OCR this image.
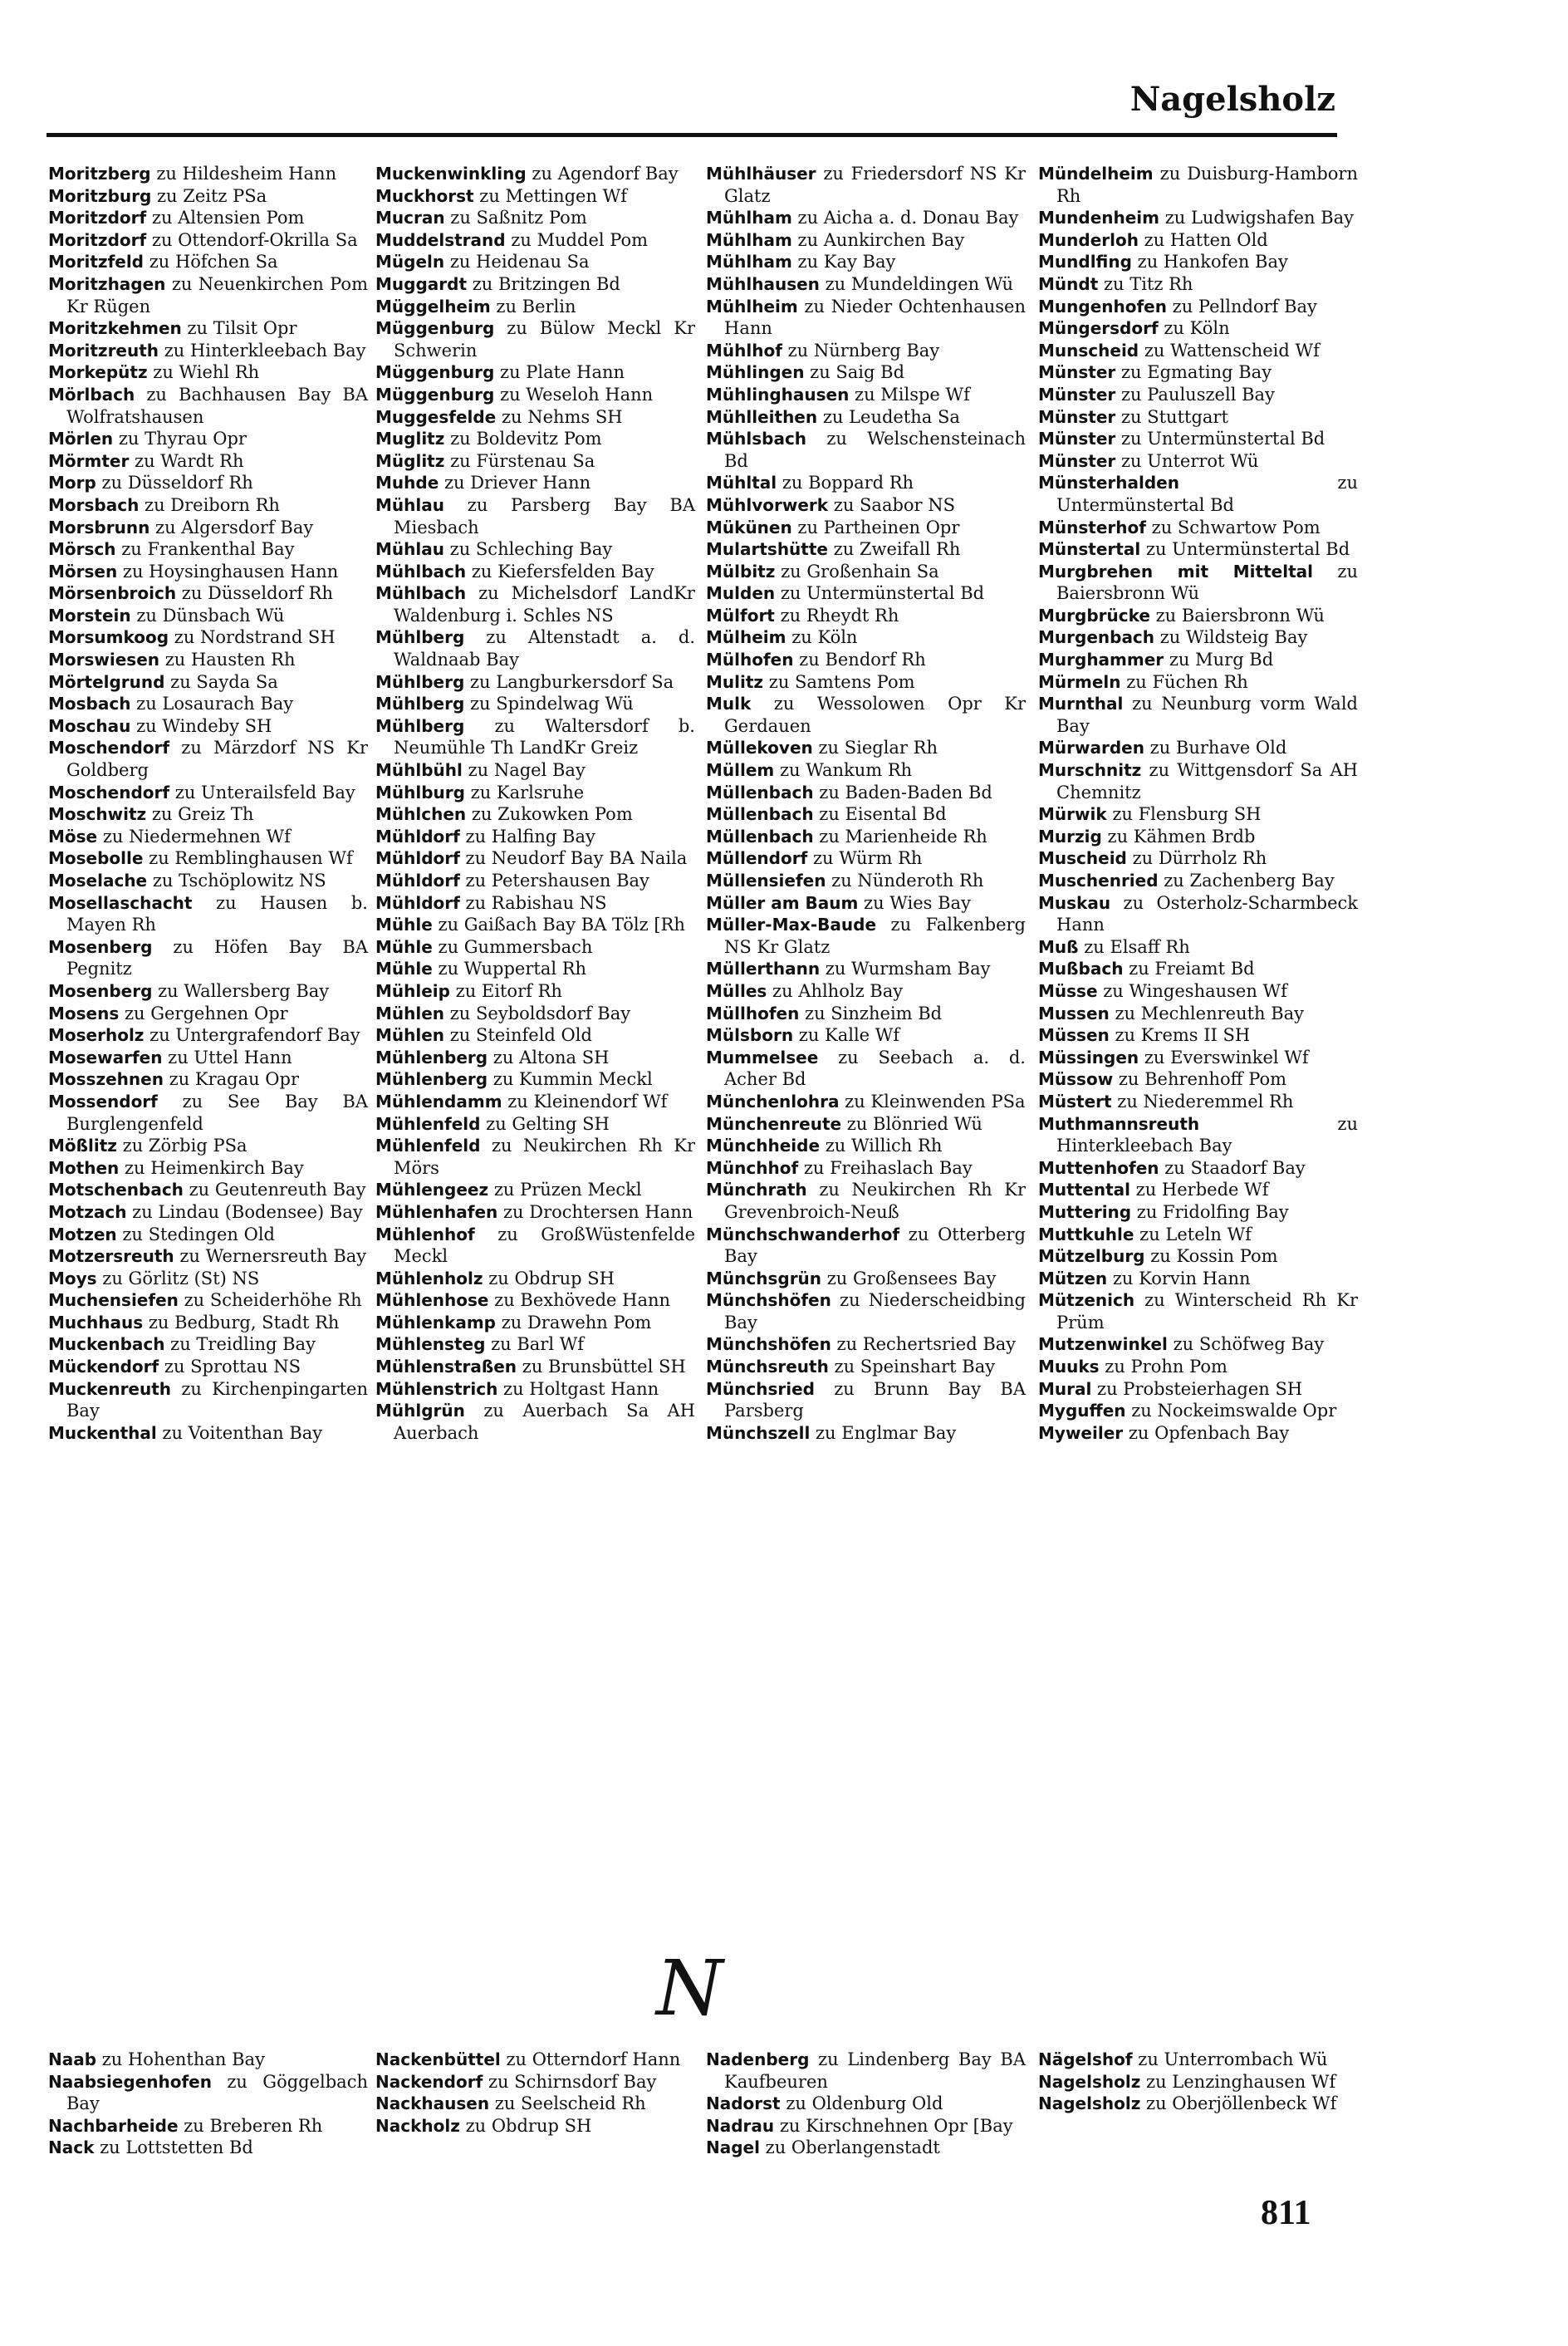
Nagelsholz
Moritzberg zu Hildesheim Hann
Moritzburg zu Zeitz PSa
Moritzdorf zu Altensien Pom
Moritzdorf zu Ottendorf-Okrilla Sa
Moritzfeld zu Höfchen Sa
Moritzhagen zu Neuenkirchen Pom Kr Rügen
Moritzkehmen zu Tilsit Opr
Moritzreuth zu Hinterkleebach Bay
Morkepütz zu Wiehl Rh
Mörlbach zu Bachhausen Bay BA Wolfratshausen
Mörlen zu Thyrau Opr
Mörmter zu Wardt Rh
Morp zu Düsseldorf Rh
Morsbach zu Dreiborn Rh
Morsbrunn zu Algersdorf Bay
Mörsch zu Frankenthal Bay
Mörsen zu Hoysinghausen Hann
Mörsenbroich zu Düsseldorf Rh
Morstein zu Dünsbach Wü
Morsumkoog zu Nordstrand SH
Morswiesen zu Hausten Rh
Mörtelgrund zu Sayda Sa
Mosbach zu Losaurach Bay
Moschau zu Windeby SH
Moschendorf zu Märzdorf NS Kr Goldberg
Moschendorf zu Unterailsfeld Bay
Moschwitz zu Greiz Th
Möse zu Niedermehnen Wf
Mosebolle zu Remblinghausen Wf
Moselache zu Tschöplowitz NS
Mosellaschacht zu Hausen b. Mayen Rh
Mosenberg zu Höfen Bay BA Pegnitz
Mosenberg zu Wallersberg Bay
Mosens zu Gergehnen Opr
Moserholz zu Untergrafendorf Bay
Mosewarfen zu Uttel Hann
Mosszehnen zu Kragau Opr
Mossendorf zu See Bay BA Burglengenfeld
Mößlitz zu Zörbig PSa
Mothen zu Heimenkirch Bay
Motschenbach zu Geutenreuth Bay
Motzach zu Lindau (Bodensee) Bay
Motzen zu Stedingen Old
Motzersreuth zu Wernersreuth Bay
Moys zu Görlitz (St) NS
Muchensiefen zu Scheiderhöhe Rh
Muchhaus zu Bedburg, Stadt Rh
Muckenbach zu Treidling Bay
Mückendorf zu Sprottau NS
Muckenreuth zu Kirchenpingarten Bay
Muckenthal zu Voitenthan Bay
Muckenwinkling zu Agendorf Bay
Muckhorst zu Mettingen Wf
Mucran zu Saßnitz Pom
Muddelstrand zu Muddel Pom
Mügeln zu Heidenau Sa
Muggardt zu Britzingen Bd
Müggelheim zu Berlin
Müggenburg zu Bülow Meckl Kr Schwerin
Müggenburg zu Plate Hann
Müggenburg zu Weseloh Hann
Muggesfelde zu Nehms SH
Muglitz zu Boldevitz Pom
Müglitz zu Fürstenau Sa
Muhde zu Driever Hann
Mühlau zu Parsberg Bay BA Miesbach
Mühlau zu Schleching Bay
Mühlbach zu Kiefersfelden Bay
Mühlbach zu Michelsdorf LandKr Waldenburg i. Schles NS
Mühlberg zu Altenstadt a. d. Waldnaab Bay
Mühlberg zu Langburkersdorf Sa
Mühlberg zu Spindelwag Wü
Mühlberg zu Waltersdorf b. Neumühle Th LandKr Greiz
Mühlbühl zu Nagel Bay
Mühlburg zu Karlsruhe
Mühlchen zu Zukowken Pom
Mühldorf zu Halfing Bay
Mühldorf zu Neudorf Bay BA Naila
Mühldorf zu Petershausen Bay
Mühldorf zu Rabishau NS
Mühle zu Gaißach Bay BA Tölz [Rh
Mühle zu Gummersbach
Mühle zu Wuppertal Rh
Mühleip zu Eitorf Rh
Mühlen zu Seyboldsdorf Bay
Mühlen zu Steinfeld Old
Mühlenberg zu Altona SH
Mühlenberg zu Kummin Meckl
Mühlendamm zu Kleinendorf Wf
Mühlenfeld zu Gelting SH
Mühlenfeld zu Neukirchen Rh Kr Mörs
Mühlengeez zu Prüzen Meckl
Mühlenhafen zu Drochtersen Hann
Mühlenhof zu GroßWüstenfelde Meckl
Mühlenholz zu Obdrup SH
Mühlenhose zu Bexhövede Hann
Mühlenkamp zu Drawehn Pom
Mühlensteg zu Barl Wf
Mühlenstraßen zu Brunsbüttel SH
Mühlenstrich zu Holtgast Hann
Mühlgrün zu Auerbach Sa AH Auerbach
Mühlhäuser zu Friedersdorf NS Kr Glatz
Mühlham zu Aicha a. d. Donau Bay
Mühlham zu Aunkirchen Bay
Mühlham zu Kay Bay
Mühlhausen zu Mundeldingen Wü
Mühlheim zu Nieder Ochtenhausen Hann
Mühlhof zu Nürnberg Bay
Mühlingen zu Saig Bd
Mühlinghausen zu Milspe Wf
Mühlleithen zu Leudetha Sa
Mühlsbach zu Welschensteinach Bd
Mühltal zu Boppard Rh
Mühlvorwerk zu Saabor NS
Mükünen zu Partheinen Opr
Mulartshütte zu Zweifall Rh
Mülbitz zu Großenhain Sa
Mulden zu Untermünstertal Bd
Mülfort zu Rheydt Rh
Mülheim zu Köln
Mülhofen zu Bendorf Rh
Mulitz zu Samtens Pom
Mulk zu Wessolowen Opr Kr Gerdauen
Müllekoven zu Sieglar Rh
Müllem zu Wankum Rh
Müllenbach zu Baden-Baden Bd
Müllenbach zu Eisental Bd
Müllenbach zu Marienheide Rh
Müllendorf zu Würm Rh
Müllensiefen zu Nünderoth Rh
Müller am Baum zu Wies Bay
Müller-Max-Baude zu Falkenberg NS Kr Glatz
Müllerthann zu Wurmsham Bay
Mülles zu Ahlholz Bay
Müllhofen zu Sinzheim Bd
Mülsborn zu Kalle Wf
Mummelsee zu Seebach a. d. Acher Bd
Münchenlohra zu Kleinwenden PSa
Münchenreute zu Blönried Wü
Münchheide zu Willich Rh
Münchhof zu Freihaslach Bay
Münchrath zu Neukirchen Rh Kr Grevenbroich-Neuß
Münchschwanderhof zu Otterberg Bay
Münchsgrün zu Großensees Bay
Münchshöfen zu Niederscheidbing Bay
Münchshöfen zu Rechertsried Bay
Münchsreuth zu Speinshart Bay
Münchsried zu Brunn Bay BA Parsberg
Münchszell zu Englmar Bay
Mündelheim zu Duisburg-Hamborn Rh
Mundenheim zu Ludwigshafen Bay
Munderloh zu Hatten Old
Mundlfing zu Hankofen Bay
Mündt zu Titz Rh
Mungenhofen zu Pellndorf Bay
Müngersdorf zu Köln
Munscheid zu Wattenscheid Wf
Münster zu Egmating Bay
Münster zu Pauluszell Bay
Münster zu Stuttgart
Münster zu Untermünstertal Bd
Münster zu Unterrot Wü
Münsterhalden	zu Untermünstertal Bd
Münsterhof zu Schwartow Pom
Münstertal zu Untermünstertal Bd
Murgbrehen mit Mitteltal zu Baiersbronn Wü
Murgbrücke zu Baiersbronn Wü
Murgenbach zu Wildsteig Bay
Murghammer zu Murg Bd
Mürmeln zu Füchen Rh
Murnthal zu Neunburg vorm Wald Bay
Mürwarden zu Burhave Old
Murschnitz zu Wittgensdorf Sa AH Chemnitz
Mürwik zu Flensburg SH
Murzig zu Kähmen Brdb
Muscheid zu Dürrholz Rh
Muschenried zu Zachenberg Bay
Muskau zu Osterholz-Scharmbeck Hann
Muß zu Elsaff Rh
Mußbach zu Freiamt Bd
Müsse zu Wingeshausen Wf
Mussen zu Mechlenreuth Bay
Müssen zu Krems II SH
Müssingen zu Everswinkel Wf
Müssow zu Behrenhoff Pom
Müstert zu Niederemmel Rh
Muthmannsreuth	zu Hinterkleebach Bay
Muttenhofen zu Staadorf Bay
Muttental zu Herbede Wf
Muttering zu Fridolfing Bay
Muttkuhle zu Leteln Wf
Mützelburg zu Kossin Pom
Mützen zu Korvin Hann
Mützenich zu Winterscheid Rh Kr Prüm
Mutzenwinkel zu Schöfweg Bay
Muuks zu Prohn Pom
Mural zu Probsteierhagen SH
Myguffen zu Nockeimswalde Opr
Myweiler zu Opfenbach Bay
N
Naab zu Hohenthan Bay
Naabsiegenhofen zu Göggelbach Bay
Nachbarheide zu Breberen Rh
Nack zu Lottstetten Bd
Nackenbüttel zu Otterndorf Hann
Nackendorf zu Schirnsdorf Bay
Nackhausen zu Seelscheid Rh
Nackholz zu Obdrup SH
Nadenberg zu Lindenberg Bay BA Kaufbeuren
Nadorst zu Oldenburg Old
Nadrau zu Kirschnehnen Opr [Bay
Nagel zu Oberlangenstadt
Nägelshof zu Unterrombach Wü
Nagelsholz zu Lenzinghausen Wf
Nagelsholz zu Oberjöllenbeck Wf
811
